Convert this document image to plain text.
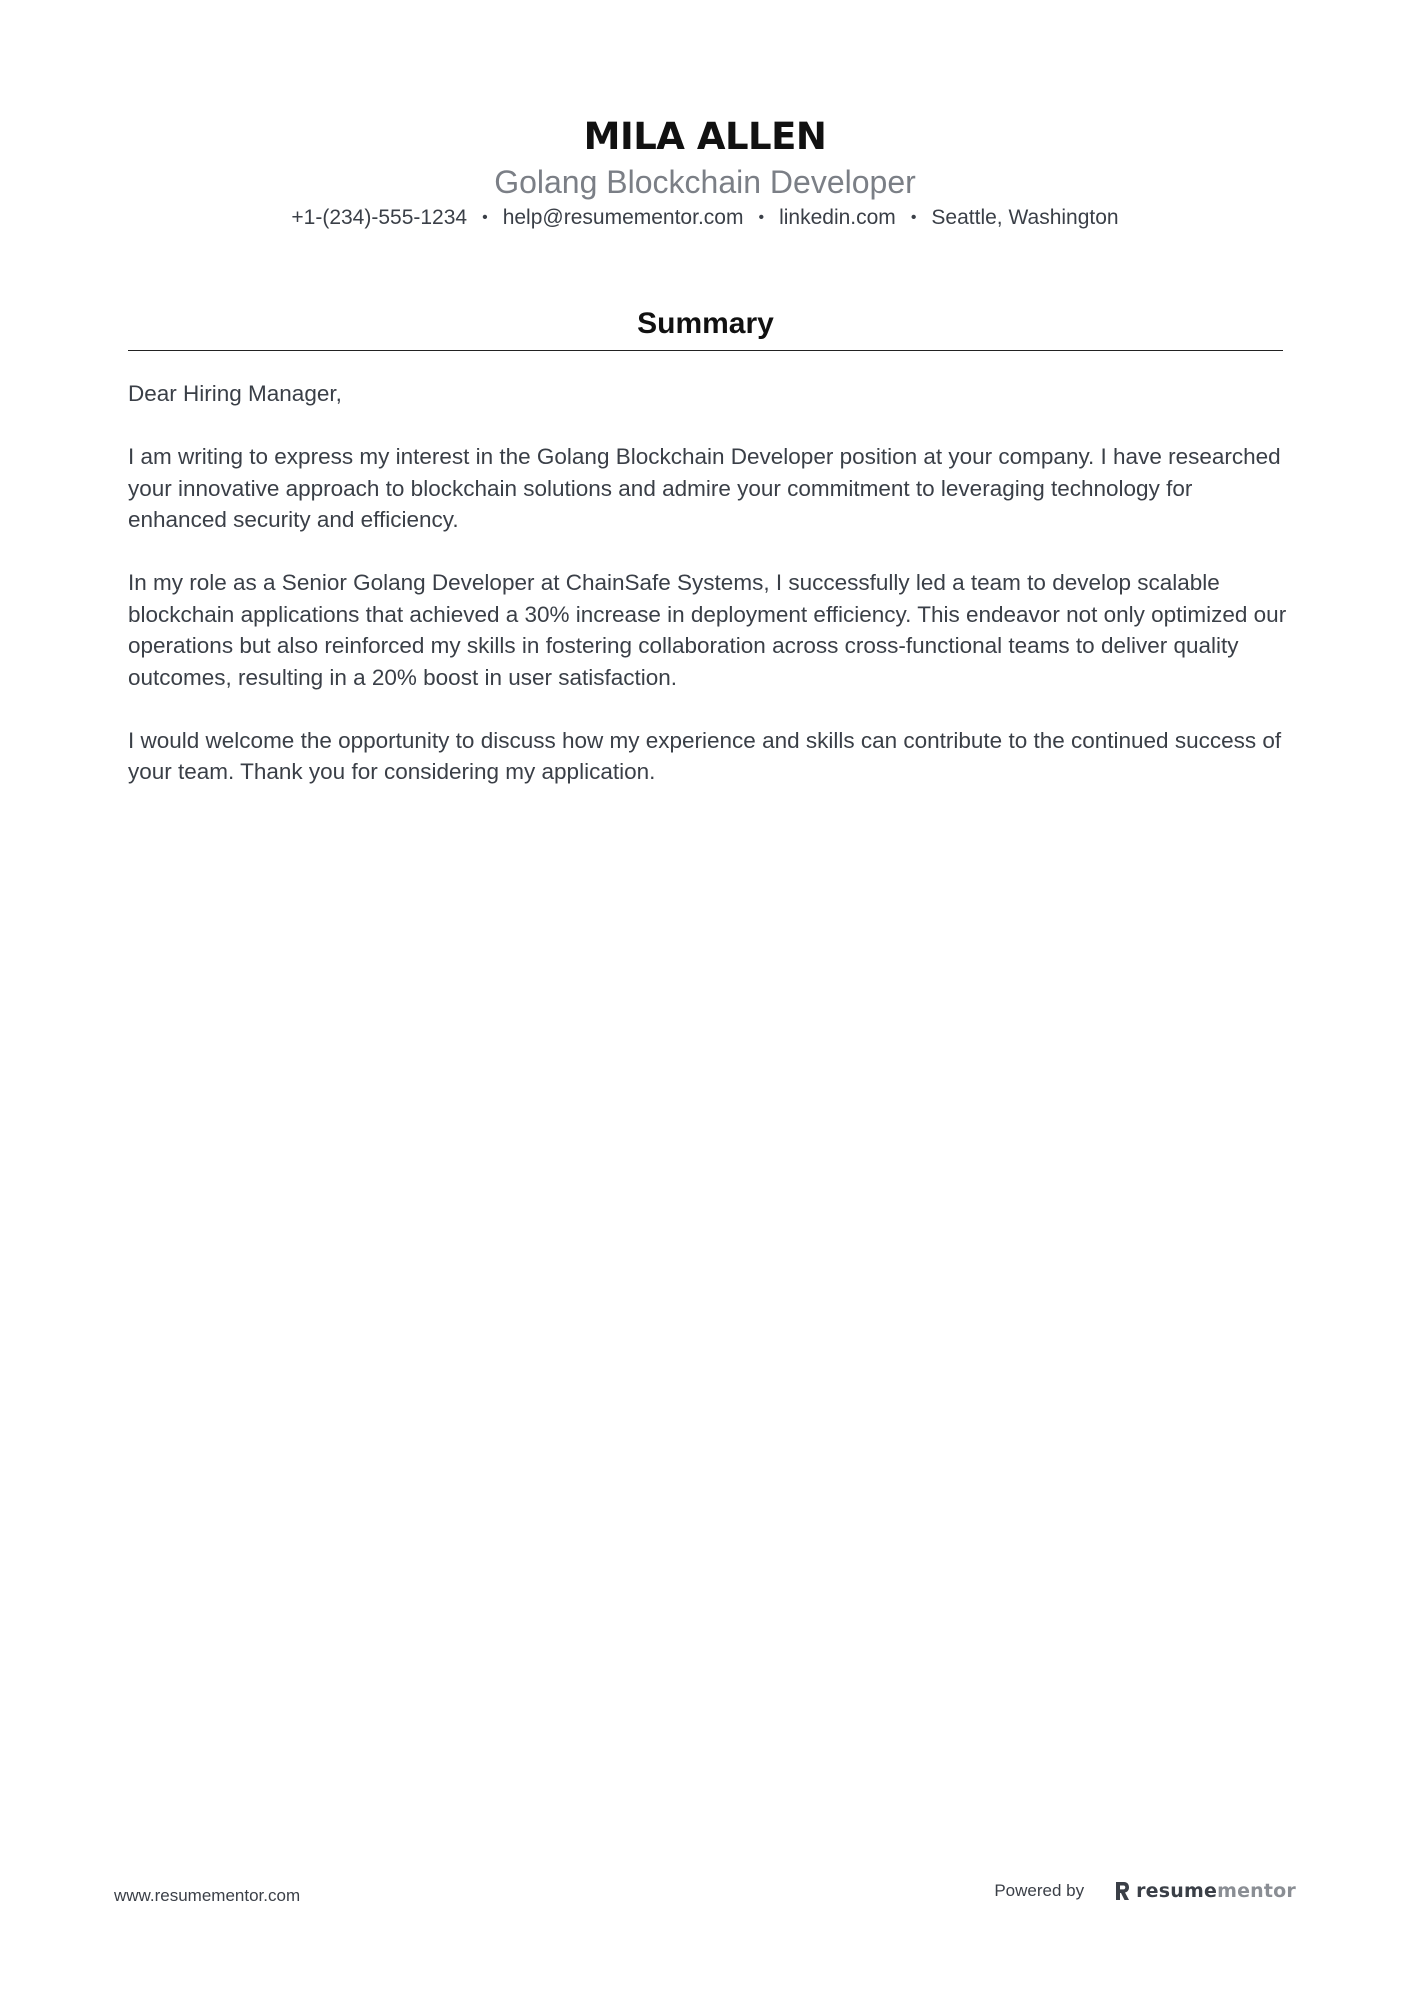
MILA ALLEN
Golang Blockchain Developer
+1-(234)-555-1234 • help@resumementor.com • linkedin.com • Seattle, Washington
Summary

Dear Hiring Manager,

I am writing to express my interest in the Golang Blockchain Developer position at your company. I have researched your innovative approach to blockchain solutions and admire your commitment to leveraging technology for enhanced security and efficiency.

In my role as a Senior Golang Developer at ChainSafe Systems, I successfully led a team to develop scalable blockchain applications that achieved a 30% increase in deployment efficiency. This endeavor not only optimized our operations but also reinforced my skills in fostering collaboration across cross-functional teams to deliver quality outcomes, resulting in a 20% boost in user satisfaction.

I would welcome the opportunity to discuss how my experience and skills can contribute to the continued success of your team. Thank you for considering my application.

www.resumementor.com	Powered by	resumementor
